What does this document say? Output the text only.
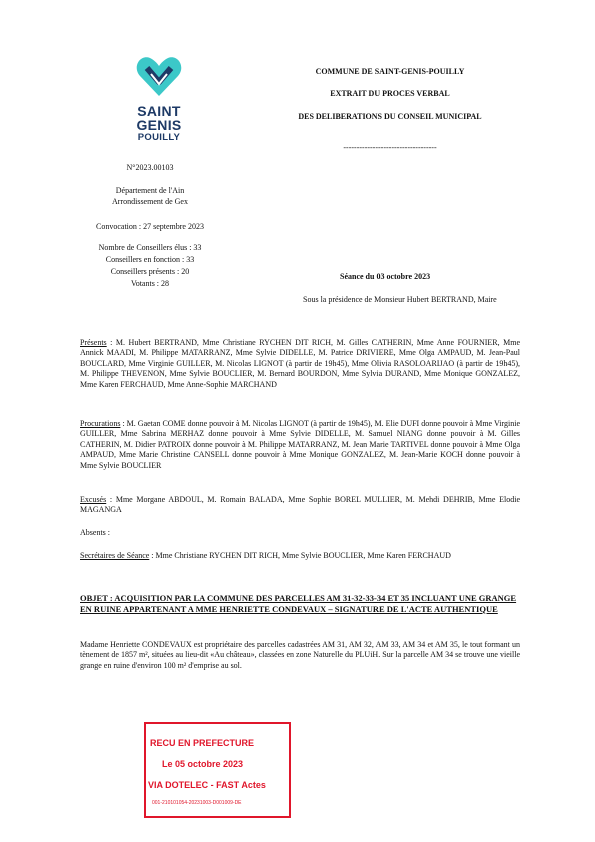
SAINT
GENIS
POUILLY
COMMUNE DE SAINT-GENIS-POUILLY
EXTRAIT DU PROCES VERBAL
DES DELIBERATIONS DU CONSEIL MUNICIPAL
-----------------------------------
N°2023.00103
Département de l'Ain
Arrondissement de Gex
Convocation : 27 septembre 2023
Nombre de Conseillers élus : 33
Conseillers en fonction : 33
Conseillers présents : 20
Votants : 28
Séance du 03 octobre 2023
Sous la présidence de Monsieur Hubert BERTRAND, Maire
Présents : M. Hubert BERTRAND, Mme Christiane RYCHEN DIT RICH, M. Gilles CATHERIN, Mme Anne FOURNIER, Mme Annick MAADI, M. Philippe MATARRANZ, Mme Sylvie DIDELLE, M. Patrice DRIVIERE, Mme Olga AMPAUD, M. Jean-Paul BOUCLARD, Mme Virginie GUILLER, M. Nicolas LIGNOT (à partir de 19h45), Mme Olivia RASOLOARIJAO (à partir de 19h45), M. Philippe THEVENON, Mme Sylvie BOUCLIER, M. Bernard BOURDON, Mme Sylvia DURAND, Mme Monique GONZALEZ, Mme Karen FERCHAUD, Mme Anne-Sophie MARCHAND
Procurations : M. Gaetan COME donne pouvoir à M. Nicolas LIGNOT (à partir de 19h45), M. Elie DUFI donne pouvoir à Mme Virginie GUILLER, Mme Sabrina MERHAZ donne pouvoir à Mme Sylvie DIDELLE, M. Samuel NIANG donne pouvoir à M. Gilles CATHERIN, M. Didier PATROIX donne pouvoir à M. Philippe MATARRANZ, M. Jean Marie TARTIVEL donne pouvoir à Mme Olga AMPAUD, Mme Marie Christine CANSELL donne pouvoir à Mme Monique GONZALEZ, M. Jean-Marie KOCH donne pouvoir à Mme Sylvie BOUCLIER
Excusés : Mme Morgane ABDOUL, M. Romain BALADA, Mme Sophie BOREL MULLIER, M. Mehdi DEHRIB, Mme Elodie MAGANGA
Absents :
Secrétaires de Séance : Mme Christiane RYCHEN DIT RICH, Mme Sylvie BOUCLIER, Mme Karen FERCHAUD
OBJET : ACQUISITION PAR LA COMMUNE DES PARCELLES AM 31-32-33-34 ET 35 INCLUANT UNE GRANGE EN RUINE APPARTENANT A MME HENRIETTE CONDEVAUX – SIGNATURE DE L'ACTE AUTHENTIQUE
Madame Henriette CONDEVAUX est propriétaire des parcelles cadastrées AM 31, AM 32, AM 33, AM 34 et AM 35, le tout formant un tènement de 1857 m², situées au lieu-dit «Au château», classées en zone Naturelle du PLUiH. Sur la parcelle AM 34 se trouve une vieille grange en ruine d'environ 100 m² d'emprise au sol.
RECU EN PREFECTURE
Le 05 octobre 2023
VIA DOTELEC - FAST Actes
001-210101054-20231003-D001009-DE
